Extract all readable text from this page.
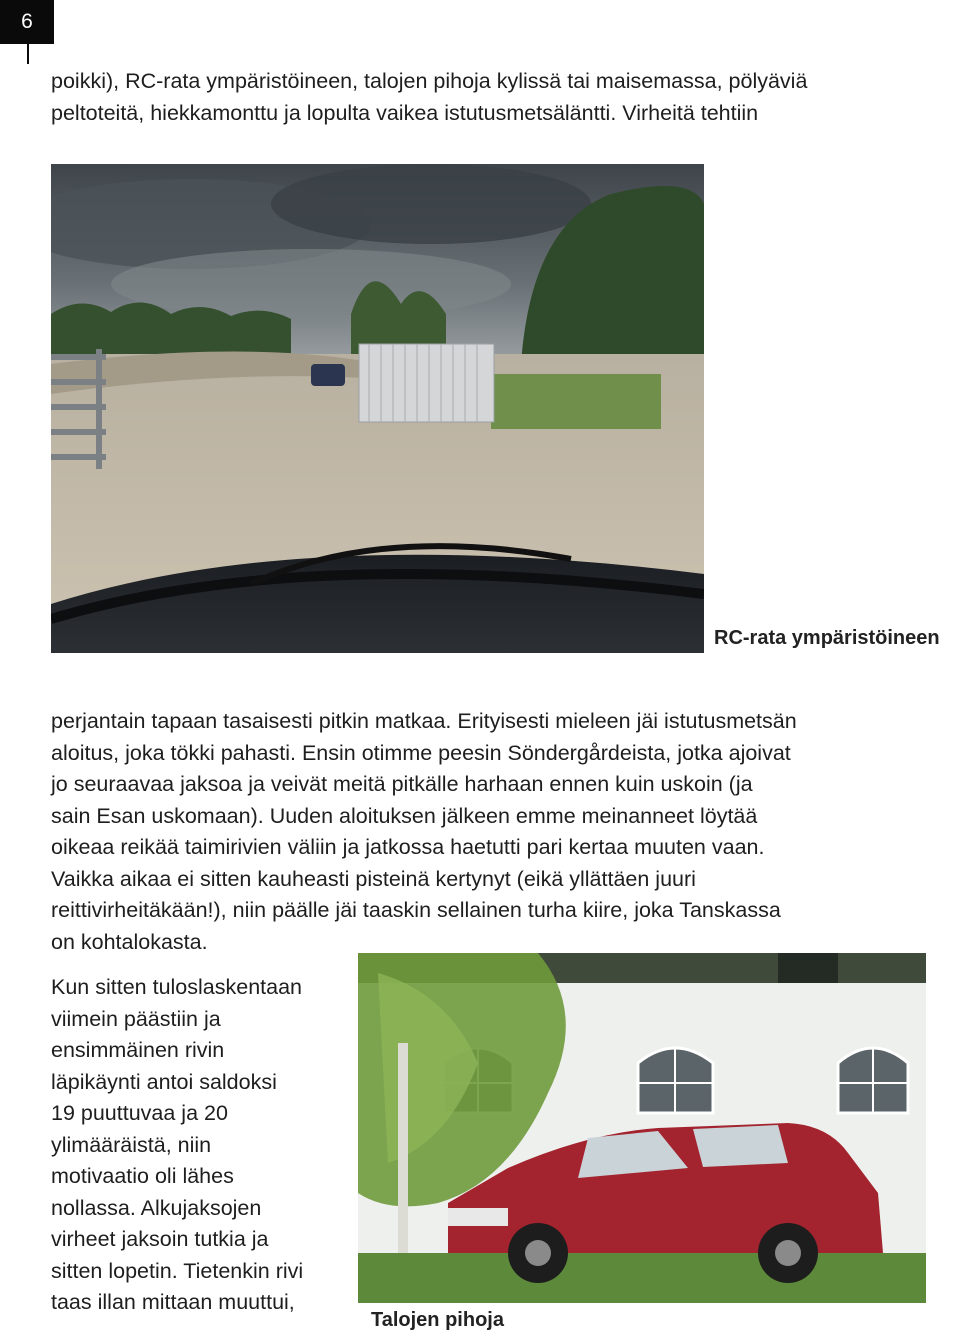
6
poikki), RC-rata ympäristöineen, talojen pihoja kylissä tai maisemassa, pölyäviä
peltoteitä, hiekkamonttu ja lopulta vaikea istutusmetsäläntti. Virheitä tehtiin
RC-rata ympäristöineen
perjantain tapaan tasaisesti pitkin matkaa. Erityisesti mieleen jäi istutusmetsän
aloitus, joka tökki pahasti. Ensin otimme peesin Söndergårdeista, jotka ajoivat
jo seuraavaa jaksoa ja veivät meitä pitkälle harhaan ennen kuin uskoin (ja
sain Esan uskomaan). Uuden aloituksen jälkeen emme meinanneet löytää
oikeaa reikää taimirivien väliin ja jatkossa haetutti pari kertaa muuten vaan.
Vaikka aikaa ei sitten kauheasti pisteinä kertynyt (eikä yllättäen juuri
reittivirheitäkään!), niin päälle jäi taaskin sellainen turha kiire, joka Tanskassa
on kohtalokasta.
Kun sitten tuloslaskentaan
viimein päästiin ja
ensimmäinen rivin
läpikäynti antoi saldoksi
19 puuttuvaa ja 20
ylimääräistä, niin
motivaatio oli lähes
nollassa. Alkujaksojen
virheet jaksoin tutkia ja
sitten lopetin. Tietenkin rivi
taas illan mittaan muuttui,
Talojen pihoja
